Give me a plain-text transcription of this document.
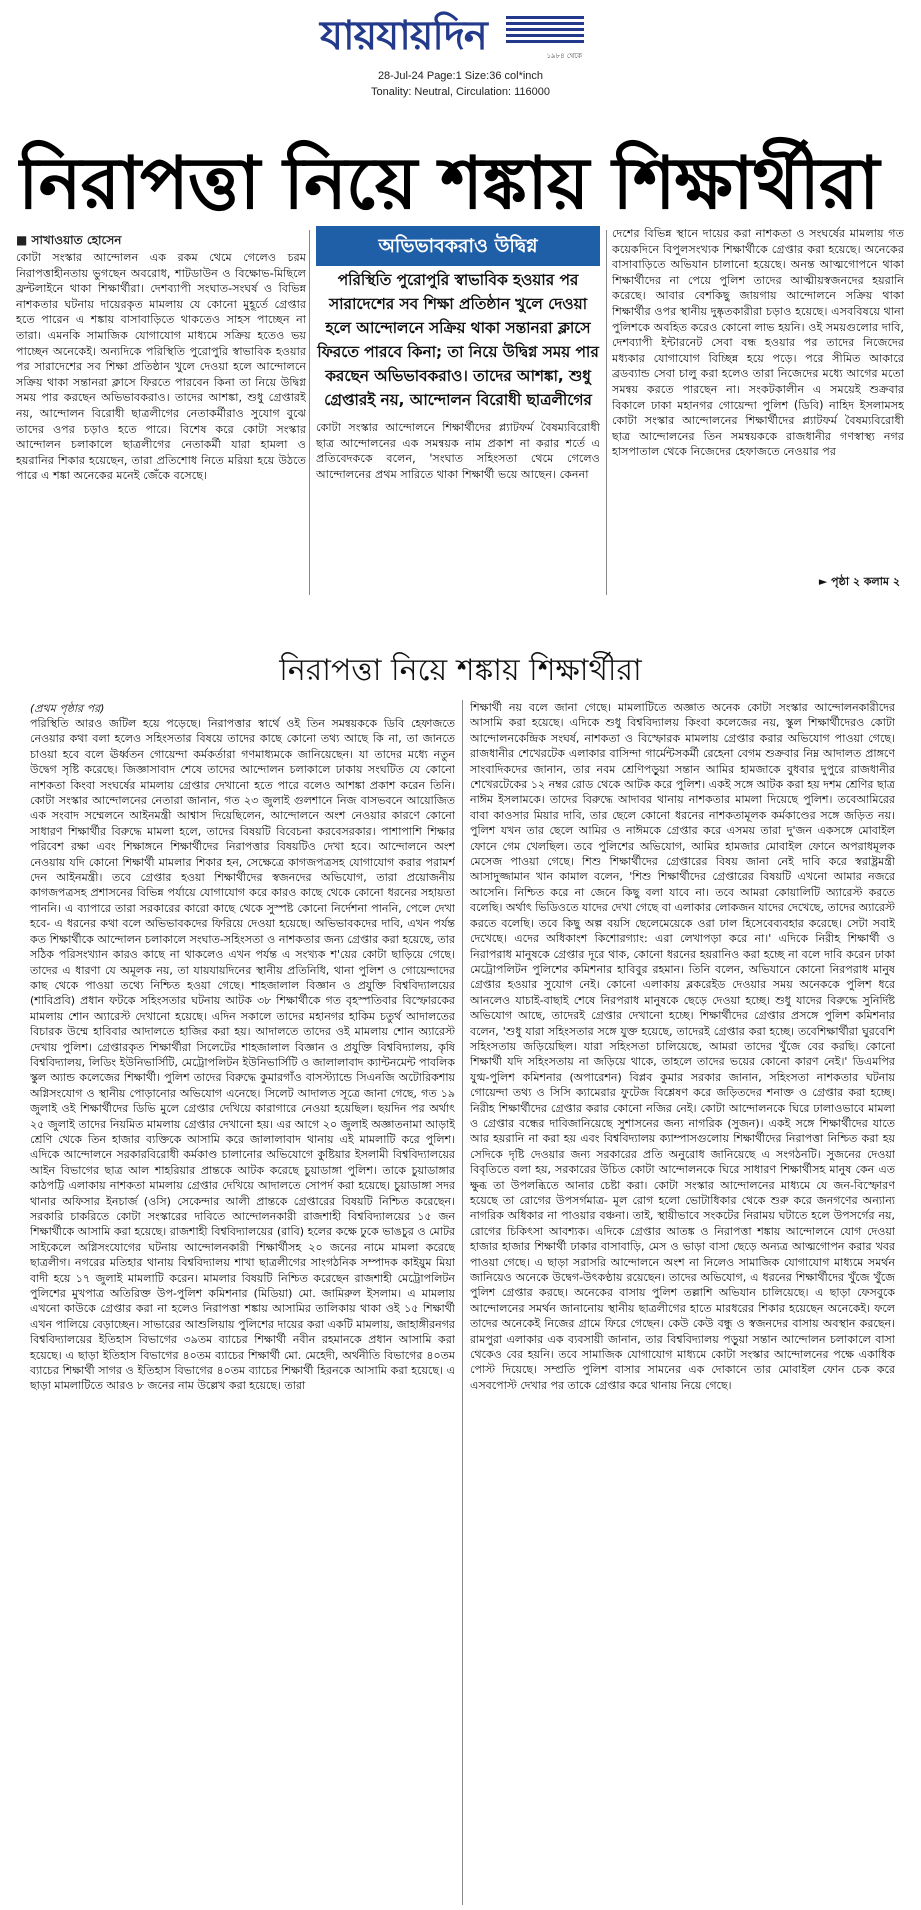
যায়যায়দিন	১৯৮৪ থেকে
28-Jul-24 Page:1 Size:36 col*inch
Tonality: Neutral, Circulation: 116000
নিরাপত্তা নিয়ে শঙ্কায় শিক্ষার্থীরা
■ সাখাওয়াত হোসেন
কোটা সংস্কার আন্দোলন এক রকম থেমে গেলেও চরম নিরাপত্তাহীনতায় ভুগছেন অবরোধ, শাটডাউন ও বিক্ষোভ-মিছিলে ফ্রন্টলাইনে থাকা শিক্ষার্থীরা। দেশব্যাপী সংঘাত-সংঘর্ষ ও বিভিন্ন নাশকতার ঘটনায় দায়েরকৃত মামলায় যে কোনো মুহূর্তে গ্রেপ্তার হতে পারেন এ শঙ্কায় বাসাবাড়িতে থাকতেও সাহস পাচ্ছেন না তারা। এমনকি সামাজিক যোগাযোগ মাধ্যমে সক্রিয় হতেও ভয় পাচ্ছেন অনেকেই। অন্যদিকে পরিস্থিতি পুরোপুরি স্বাভাবিক হওয়ার পর সারাদেশের সব শিক্ষা প্রতিষ্ঠান খুলে দেওয়া হলে আন্দোলনে সক্রিয় থাকা সন্তানরা ক্লাসে ফিরতে পারবেন কিনা তা নিয়ে উদ্বিগ্ন সময় পার করছেন অভিভাবকরাও। তাদের আশঙ্কা, শুধু গ্রেপ্তারই নয়, আন্দোলন বিরোধী ছাত্রলীগের নেতাকর্মীরাও সুযোগ বুঝে তাদের ওপর চড়াও হতে পারে। বিশেষ করে কোটা সংস্কার আন্দোলন চলাকালে ছাত্রলীগের নেতাকর্মী যারা হামলা ও হয়রানির শিকার হয়েছেন, তারা প্রতিশোধ নিতে মরিয়া হয়ে উঠতে পারে এ শঙ্কা অনেকের মনেই জেঁকে বসেছে।
অভিভাবকরাও উদ্বিগ্ন
পরিস্থিতি পুরোপুরি স্বাভাবিক হওয়ার পর সারাদেশের সব শিক্ষা প্রতিষ্ঠান খুলে দেওয়া হলে আন্দোলনে সক্রিয় থাকা সন্তানরা ক্লাসে ফিরতে পারবে কিনা; তা নিয়ে উদ্বিগ্ন সময় পার করছেন অভিভাবকরাও। তাদের আশঙ্কা, শুধু গ্রেপ্তারই নয়, আন্দোলন বিরোধী ছাত্রলীগের
কোটা সংস্কার আন্দোলনে শিক্ষার্থীদের প্ল্যাটফর্ম বৈষম্যবিরোধী ছাত্র আন্দোলনের এক সমন্বয়ক নাম প্রকাশ না করার শর্তে এ প্রতিবেদককে বলেন, 'সংঘাত সহিংসতা থেমে গেলেও আন্দোলনের প্রথম সারিতে থাকা শিক্ষার্থী ভয়ে আছেন। কেননা
দেশের বিভিন্ন স্থানে দায়ের করা নাশকতা ও সংঘর্ষের মামলায় গত কয়েকদিনে বিপুলসংখ্যক শিক্ষার্থীকে গ্রেপ্তার করা হয়েছে। অনেকের বাসাবাড়িতে অভিযান চালানো হয়েছে। অনন্ত আত্মগোপনে থাকা শিক্ষার্থীদের না পেয়ে পুলিশ তাদের আত্মীয়স্বজনদের হয়রানি করেছে। আবার বেশকিছু জায়গায় আন্দোলনে সক্রিয় থাকা শিক্ষার্থীর ওপর স্থানীয় দুষ্কৃতকারীরা চড়াও হয়েছে। এসববিষয়ে থানা পুলিশকে অবহিত করেও কোনো লাভ হয়নি। ওই সময়গুলোর দাবি, দেশব্যাপী ইন্টারনেট সেবা বন্ধ হওয়ার পর তাদের নিজেদের মধ্যকার যোগাযোগ বিচ্ছিন্ন হয়ে পড়ে। পরে সীমিত আকারে ব্রডব্যান্ড সেবা চালু করা হলেও তারা নিজেদের মধ্যে আগের মতো সমন্বয় করতে পারছেন না। সংকটকালীন এ সময়েই শুক্রবার বিকালে ঢাকা মহানগর গোয়েন্দা পুলিশ (ডিবি) নাহিদ ইসলামসহ কোটা সংস্কার আন্দোলনের শিক্ষার্থীদের প্ল্যাটফর্ম বৈষম্যবিরোধী ছাত্র আন্দোলনের তিন সমন্বয়ককে রাজধানীর গণস্বাস্থ্য নগর হাসপাতাল থেকে নিজেদের হেফাজতে নেওয়ার পর
► পৃষ্ঠা ২ কলাম ২
নিরাপত্তা নিয়ে শঙ্কায় শিক্ষার্থীরা
(প্রথম পৃষ্ঠার পর)
পরিস্থিতি আরও জটিল হয়ে পড়েছে। নিরাপত্তার স্বার্থে ওই তিন সমন্বয়ককে ডিবি হেফাজতে নেওয়ার কথা বলা হলেও সহিংসতার বিষয়ে তাদের কাছে কোনো তথ্য আছে কি না, তা জানতে চাওয়া হবে বলে ঊর্ধ্বতন গোয়েন্দা কর্মকর্তারা গণমাধ্যমকে জানিয়েছেন। যা তাদের মধ্যে নতুন উদ্বেগ সৃষ্টি করেছে। জিজ্ঞাসাবাদ শেষে তাদের আন্দোলন চলাকালে ঢাকায় সংঘটিত যে কোনো নাশকতা কিংবা সংঘর্ষের মামলায় গ্রেপ্তার দেখানো হতে পারে বলেও আশঙ্কা প্রকাশ করেন তিনি। কোটা সংস্কার আন্দোলনের নেতারা জানান, গত ২৩ জুলাই গুলশানে নিজ বাসভবনে আয়োজিত এক সংবাদ সম্মেলনে আইনমন্ত্রী আশ্বাস দিয়েছিলেন, আন্দোলনে অংশ নেওয়ার কারণে কোনো সাধারণ শিক্ষার্থীর বিরুদ্ধে মামলা হলে, তাদের বিষয়টি বিবেচনা করবেসরকার। পাশাপাশি শিক্ষার পরিবেশ রক্ষা এবং শিক্ষাঙ্গনে শিক্ষার্থীদের নিরাপত্তার বিষয়টিও দেখা হবে। আন্দোলনে অংশ নেওয়ায় যদি কোনো শিক্ষার্থী মামলার শিকার হন, সেক্ষেত্রে কাগজপত্রসহ যোগাযোগ করার পরামর্শ দেন আইনমন্ত্রী। তবে গ্রেপ্তার হওয়া শিক্ষার্থীদের স্বজনদের অভিযোগ, তারা প্রয়োজনীয় কাগজপত্রসহ প্রশাসনের বিভিন্ন পর্যায়ে যোগাযোগ করে কারও কাছে থেকে কোনো ধরনের সহায়তা পাননি। এ ব্যাপারে তারা সরকারের কারো কাছে থেকে সুস্পষ্ট কোনো নির্দেশনা পাননি, পেলে দেখা হবে- এ ধরনের কথা বলে অভিভাবকদের ফিরিয়ে দেওয়া হয়েছে। অভিভাবকদের দাবি, এখন পর্যন্ত কত শিক্ষার্থীকে আন্দোলন চলাকালে সংঘাত-সহিংসতা ও নাশকতার জন্য গ্রেপ্তার করা হয়েছে, তার সঠিক পরিসংখ্যান কারও কাছে না থাকলেও এখন পর্যন্ত এ সংখ্যক শ'য়ের কোটা ছাড়িয়ে গেছে। তাদের এ ধারণা যে অমূলক নয়, তা যায়যায়দিনের স্থানীয় প্রতিনিধি, থানা পুলিশ ও গোয়েন্দাদের কাছ থেকে পাওয়া তথ্যে নিশ্চিত হওয়া গেছে। শাহজালাল বিজ্ঞান ও প্রযুক্তি বিশ্ববিদ্যালয়ের (শাবিপ্রবি) প্রধান ফটকে সহিংসতার ঘটনায় আটক ৩৮ শিক্ষার্থীকে গত বৃহস্পতিবার বিস্ফোরকের মামলায় শোন অ্যারেস্ট দেখানো হয়েছে। এদিন সকালে তাদের মহানগর হাকিম চতুর্থ আদালতের বিচারক উম্মে হাবিবার আদালতে হাজির করা হয়। আদালতে তাদের ওই মামলায় শোন অ্যারেস্ট দেখায় পুলিশ। গ্রেপ্তারকৃত শিক্ষার্থীরা সিলেটের শাহজালাল বিজ্ঞান ও প্রযুক্তি বিশ্ববিদ্যালয়, কৃষি বিশ্ববিদ্যালয়, লিডিং ইউনিভার্সিটি, মেট্রোপলিটন ইউনিভার্সিটি ও জালালাবাদ ক্যান্টনমেন্ট পাবলিক স্কুল অ্যান্ড কলেজের শিক্ষার্থী। পুলিশ তাদের বিরুদ্ধে কুমারগাঁও বাসস্ট্যান্ডে সিএনজি অটোরিকশায় অগ্নিসংযোগ ও স্থানীয় পোড়ানোর অভিযোগ এনেছে। সিলেট আদালত সূত্রে জানা গেছে, গত ১৯ জুলাই ওই শিক্ষার্থীদের ডিভি মুলে গ্রেপ্তার দেখিয়ে কারাগারে নেওয়া হয়েছিল। ছয়দিন পর অর্থাৎ ২৫ জুলাই তাদের নিয়মিত মামলায় গ্রেপ্তার দেখানো হয়। এর আগে ২০ জুলাই অজ্ঞাতনামা আড়াই শ্রেণি থেকে তিন হাজার ব্যক্তিকে আসামি করে জালালাবাদ থানায় এই মামলাটি করে পুলিশ। এদিকে আন্দোলনে সরকারবিরোধী কর্মকাণ্ড চালানোর অভিযোগে কুষ্টিয়ার ইসলামী বিশ্ববিদ্যালয়ের আইন বিভাগের ছাত্র আল শাহরিয়ার প্রান্তকে আটক করেছে চুয়াডাঙ্গা পুলিশ। তাকে চুয়াডাঙ্গার কাঠপট্টি এলাকায় নাশকতা মামলায় গ্রেপ্তার দেখিয়ে আদালতে সোপর্দ করা হয়েছে। চুয়াডাঙ্গা সদর থানার অফিসার ইনচার্জ (ওসি) সেকেন্দার আলী প্রান্তকে গ্রেপ্তারের বিষয়টি নিশ্চিত করেছেন। সরকারি চাকরিতে কোটা সংস্কারের দাবিতে আন্দোলনকারী রাজশাহী বিশ্ববিদ্যালয়ের ১৫ জন শিক্ষার্থীকে আসামি করা হয়েছে। রাজশাহী বিশ্ববিদ্যালয়ের (রাবি) হলের কক্ষে ঢুকে ভাঙচুর ও মোটর সাইকেলে অগ্নিসংযোগের ঘটনায় আন্দোলনকারী শিক্ষার্থীসহ ২০ জনের নামে মামলা করেছে ছাত্রলীগ। নগরের মতিহার থানায় বিশ্ববিদ্যালয় শাখা ছাত্রলীগের সাংগঠনিক সম্পাদক কাইয়ুম মিয়া বাদী হয়ে ১৭ জুলাই মামলাটি করেন। মামলার বিষয়টি নিশ্চিত করেছেন রাজশাহী মেট্রোপলিটন পুলিশের মুখপাত্র অতিরিক্ত উপ-পুলিশ কমিশনার (মিডিয়া) মো. জামিরুল ইসলাম। এ মামলায় এখনো কাউকে গ্রেপ্তার করা না হলেও নিরাপত্তা শঙ্কায় আসামির তালিকায় থাকা ওই ১৫ শিক্ষার্থী এখন পালিয়ে বেড়াচ্ছেন। সাভারের আশুলিয়ায় পুলিশের দায়ের করা একটি মামলায়, জাহাঙ্গীরনগর বিশ্ববিদ্যালয়ের ইতিহাস বিভাগের ৩৯তম ব্যাচের শিক্ষার্থী নবীন রহমানকে প্রধান আসামি করা হয়েছে। এ ছাড়া ইতিহাস বিভাগের ৪০তম ব্যাচের শিক্ষার্থী মো. মেহেদী, অর্থনীতি বিভাগের ৪০তম ব্যাচের শিক্ষার্থী সাগর ও ইতিহাস বিভাগের ৪০তম ব্যাচের শিক্ষার্থী হিরনকে আসামি করা হয়েছে। এ ছাড়া মামলাটিতে আরও ৮ জনের নাম উল্লেখ করা হয়েছে। তারা
শিক্ষার্থী নয় বলে জানা গেছে। মামলাটিতে অজ্ঞাত অনেক কোটা সংস্কার আন্দোলনকারীদের আসামি করা হয়েছে। এদিকে শুধু বিশ্ববিদ্যালয় কিংবা কলেজের নয়, স্কুল শিক্ষার্থীদেরও কোটা আন্দোলনকেন্দ্রিক সংঘর্ষ, নাশকতা ও বিস্ফোরক মামলায় গ্রেপ্তার করার অভিযোগ পাওয়া গেছে। রাজধানীর শেখেরটেক এলাকার বাসিন্দা গার্মেন্টসকর্মী রেহেনা বেগম শুক্রবার নিম্ন আদালত প্রাঙ্গণে সাংবাদিকদের জানান, তার নবম শ্রেণিপড়ুয়া সন্তান আমির হামজাকে বুধবার দুপুরে রাজধানীর শেখেরটেকের ১২ নম্বর রোড থেকে আটক করে পুলিশ। একই সঙ্গে আটক করা হয় দশম শ্রেণির ছাত্র নাঈম ইসলামকে। তাদের বিরুদ্ধে আদাবর থানায় নাশকতার মামলা দিয়েছে পুলিশ। তবেআমিরের বাবা কাওসার মিয়ার দাবি, তার ছেলে কোনো ধরনের নাশকতামূলক কর্মকাণ্ডের সঙ্গে জড়িত নয়। পুলিশ যখন তার ছেলে আমির ও নাঈমকে গ্রেপ্তার করে এসময় তারা দু'জন একসঙ্গে মোবাইল ফোনে গেম খেলছিল। তবে পুলিশের অভিযোগ, আমির হামজার মোবাইল ফোনে অপরাধমূলক মেসেজ পাওয়া গেছে। শিশু শিক্ষার্থীদের গ্রেপ্তারের বিষয় জানা নেই দাবি করে স্বরাষ্ট্রমন্ত্রী আসাদুজ্জামান খান কামাল বলেন, 'শিশু শিক্ষার্থীদের গ্রেপ্তারের বিষয়টি এখনো আমার নজরে আসেনি। নিশ্চিত করে না জেনে কিছু বলা যাবে না। তবে আমরা কোয়ালিটি অ্যারেস্ট করতে বলেছি। অর্থাৎ ভিডিওতে যাদের দেখা গেছে বা এলাকার লোকজন যাদের দেখেছে, তাদের অ্যারেস্ট করতে বলেছি। তবে কিছু অল্প বয়সি ছেলেমেয়েকে ওরা ঢাল হিসেবেব্যবহার করেছে। সেটা সবাই দেখেছে। এদের অধিকাংশ কিশোরগ্যাং: এরা লেখাপড়া করে না।' এদিকে নিরীহ শিক্ষার্থী ও নিরাপরাধ মানুষকে গ্রেপ্তার দূরে থাক, কোনো ধরনের হয়রানিও করা হচ্ছে না বলে দাবি করেন ঢাকা মেট্রোপলিটন পুলিশের কমিশনার হাবিবুর রহমান। তিনি বলেন, অভিযানে কোনো নিরপরাধ মানুষ গ্রেপ্তার হওয়ার সুযোগ নেই। কোনো এলাকায় ব্লকরেইড দেওয়ার সময় অনেককে পুলিশ ধরে আনলেও যাচাই-বাছাই শেষে নিরপরাধ মানুষকে ছেড়ে দেওয়া হচ্ছে। শুধু যাদের বিরুদ্ধে সুনির্দিষ্ট অভিযোগ আছে, তাদেরই গ্রেপ্তার দেখানো হচ্ছে। শিক্ষার্থীদের গ্রেপ্তার প্রসঙ্গে পুলিশ কমিশনার বলেন, 'শুধু যারা সহিংসতার সঙ্গে যুক্ত হয়েছে, তাদেরই গ্রেপ্তার করা হচ্ছে। তবেশিক্ষার্থীরা ঘুরবেশি সহিংসতায় জড়িয়েছিল। যারা সহিংসতা চালিয়েছে, আমরা তাদের খুঁজে বের করছি। কোনো শিক্ষার্থী যদি সহিংসতায় না জড়িয়ে থাকে, তাহলে তাদের ভয়ের কোনো কারণ নেই।' ডিএমপির যুগ্ম-পুলিশ কমিশনার (অপারেশন) বিপ্লব কুমার সরকার জানান, সহিংসতা নাশকতার ঘটনায় গোয়েন্দা তথ্য ও সিসি ক্যামেরার ফুটেজ বিশ্লেষণ করে জড়িতদের শনাক্ত ও গ্রেপ্তার করা হচ্ছে। নিরীহ শিক্ষার্থীদের গ্রেপ্তার করার কোনো নজির নেই। কোটা আন্দোলনকে ঘিরে ঢালাওভাবে মামলা ও গ্রেপ্তার বন্ধের দাবিজানিয়েছে সুশাসনের জন্য নাগরিক (সুজন)। একই সঙ্গে শিক্ষার্থীদের যাতে আর হয়রানি না করা হয় এবং বিশ্ববিদ্যালয় ক্যাম্পাসগুলোয় শিক্ষার্থীদের নিরাপত্তা নিশ্চিত করা হয় সেদিকে দৃষ্টি দেওয়ার জন্য সরকারের প্রতি অনুরোধ জানিয়েছে এ সংগঠনটি। সুজনের দেওয়া বিবৃতিতে বলা হয়, সরকারের উচিত কোটা আন্দোলনকে ঘিরে সাধারণ শিক্ষার্থীসহ মানুষ কেন এত ক্ষুব্ধ তা উপলব্ধিতে আনার চেষ্টা করা। কোটা সংস্কার আন্দোলনের মাধ্যমে যে জন-বিস্ফোরণ হয়েছে তা রোগের উপসর্গমাত্র- মূল রোগ হলো ভোটাধিকার থেকে শুরু করে জনগণের অন্যান্য নাগরিক অধিকার না পাওয়ার বঞ্চনা। তাই, স্থায়ীভাবে সংকটের নিরাময় ঘটাতে হলে উপসর্গের নয়, রোগের চিকিৎসা আবশ্যক। এদিকে গ্রেপ্তার আতঙ্ক ও নিরাপত্তা শঙ্কায় আন্দোলনে যোগ দেওয়া হাজার হাজার শিক্ষার্থী ঢাকার বাসাবাড়ি, মেস ও ভাড়া বাসা ছেড়ে অন্যত্র আত্মগোপন করার খবর পাওয়া গেছে। এ ছাড়া সরাসরি আন্দোলনে অংশ না নিলেও সামাজিক যোগাযোগ মাধ্যমে সমর্থন জানিয়েও অনেকে উদ্বেগ-উৎকণ্ঠায় রয়েছেন। তাদের অভিযোগ, এ ধরনের শিক্ষার্থীদের খুঁজে খুঁজে পুলিশ গ্রেপ্তার করছে। অনেকের বাসায় পুলিশ তল্লাশি অভিযান চালিয়েছে। এ ছাড়া ফেসবুকে আন্দোলনের সমর্থন জানানোয় স্থানীয় ছাত্রলীগের হাতে মারধরের শিকার হয়েছেন অনেকেই। ফলে তাদের অনেকেই নিজের গ্রামে ফিরে গেছেন। কেউ কেউ বন্ধু ও স্বজনদের বাসায় অবস্থান করছেন। রামপুরা এলাকার এক ব্যবসায়ী জানান, তার বিশ্ববিদ্যালয় পড়ুয়া সন্তান আন্দোলন চলাকালে বাসা থেকেও বের হয়নি। তবে সামাজিক যোগাযোগ মাধ্যমে কোটা সংস্কার আন্দোলনের পক্ষে একাধিক পোস্ট দিয়েছে। সম্প্রতি পুলিশ বাসার সামনের এক দোকানে তার মোবাইল ফোন চেক করে এসবপোস্ট দেখার পর তাকে গ্রেপ্তার করে থানায় নিয়ে গেছে।
